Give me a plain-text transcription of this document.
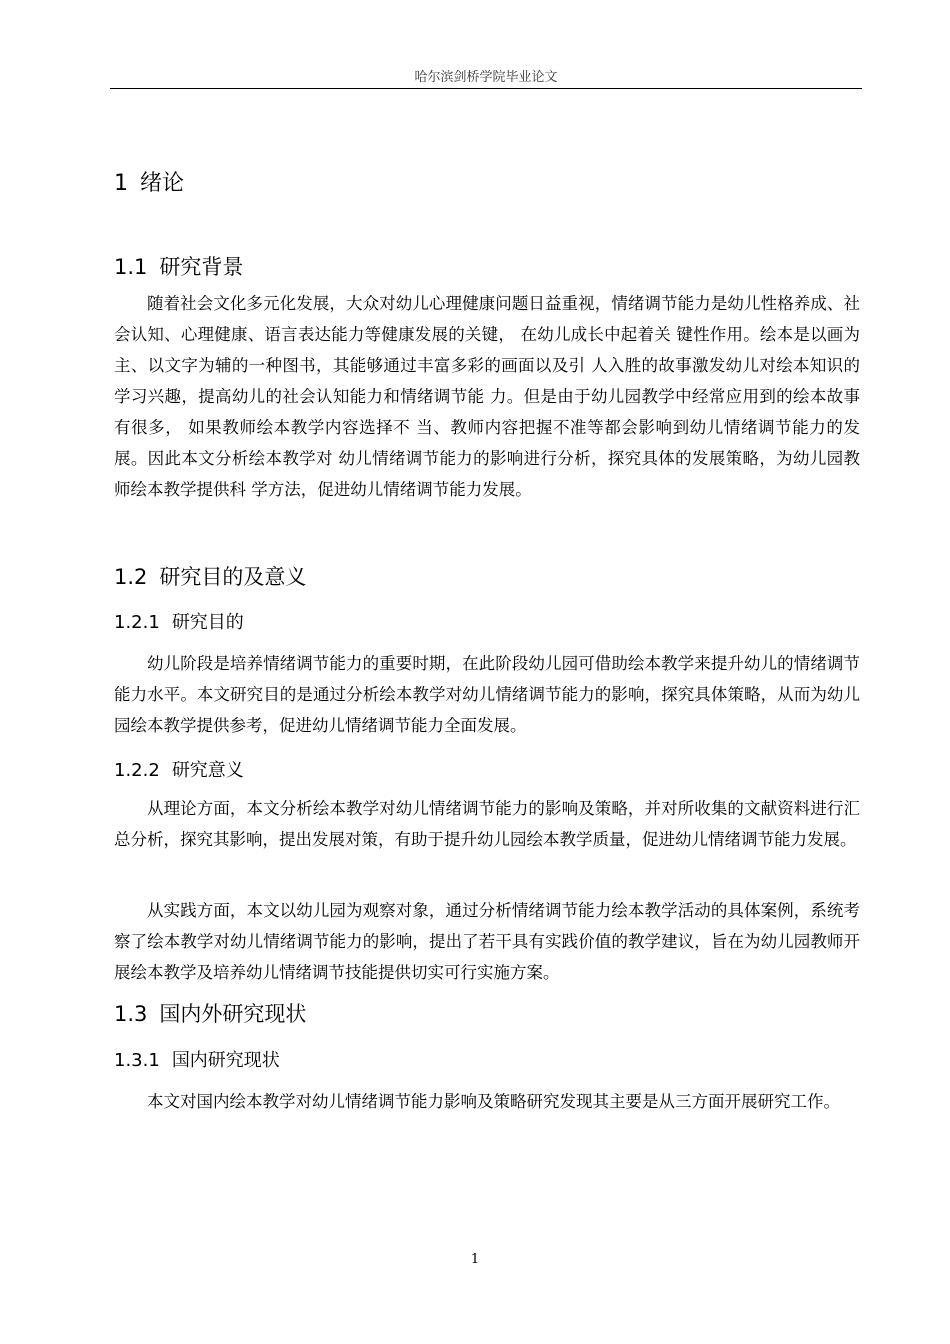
哈尔滨剑桥学院毕业论文
1 绪论
1.1 研究背景

随着社会文化多元化发展，大众对幼儿心理健康问题日益重视，情绪调节能力是幼儿性格养成、社会认知、心理健康、语言表达能力等健康发展的关键， 在幼儿成长中起着关 键性作用。绘本是以画为主、以文字为辅的一种图书，其能够通过丰富多彩的画面以及引 人入胜的故事激发幼儿对绘本知识的学习兴趣，提高幼儿的社会认知能力和情绪调节能 力。但是由于幼儿园教学中经常应用到的绘本故事有很多， 如果教师绘本教学内容选择不 当、教师内容把握不准等都会影响到幼儿情绪调节能力的发展。因此本文分析绘本教学对 幼儿情绪调节能力的影响进行分析，探究具体的发展策略，为幼儿园教师绘本教学提供科 学方法，促进幼儿情绪调节能力发展。

1.2 研究目的及意义
1.2.1 研究目的

幼儿阶段是培养情绪调节能力的重要时期，在此阶段幼儿园可借助绘本教学来提升幼儿的情绪调节能力水平。本文研究目的是通过分析绘本教学对幼儿情绪调节能力的影响，探究具体策略，从而为幼儿园绘本教学提供参考，促进幼儿情绪调节能力全面发展。

1.2.2 研究意义

从理论方面，本文分析绘本教学对幼儿情绪调节能力的影响及策略，并对所收集的文献资料进行汇总分析，探究其影响，提出发展对策，有助于提升幼儿园绘本教学质量，促进幼儿情绪调节能力发展。

从实践方面，本文以幼儿园为观察对象，通过分析情绪调节能力绘本教学活动的具体案例，系统考察了绘本教学对幼儿情绪调节能力的影响，提出了若干具有实践价值的教学建议，旨在为幼儿园教师开展绘本教学及培养幼儿情绪调节技能提供切实可行实施方案。

1.3 国内外研究现状
1.3.1 国内研究现状

本文对国内绘本教学对幼儿情绪调节能力影响及策略研究发现其主要是从三方面开展研究工作。

1
